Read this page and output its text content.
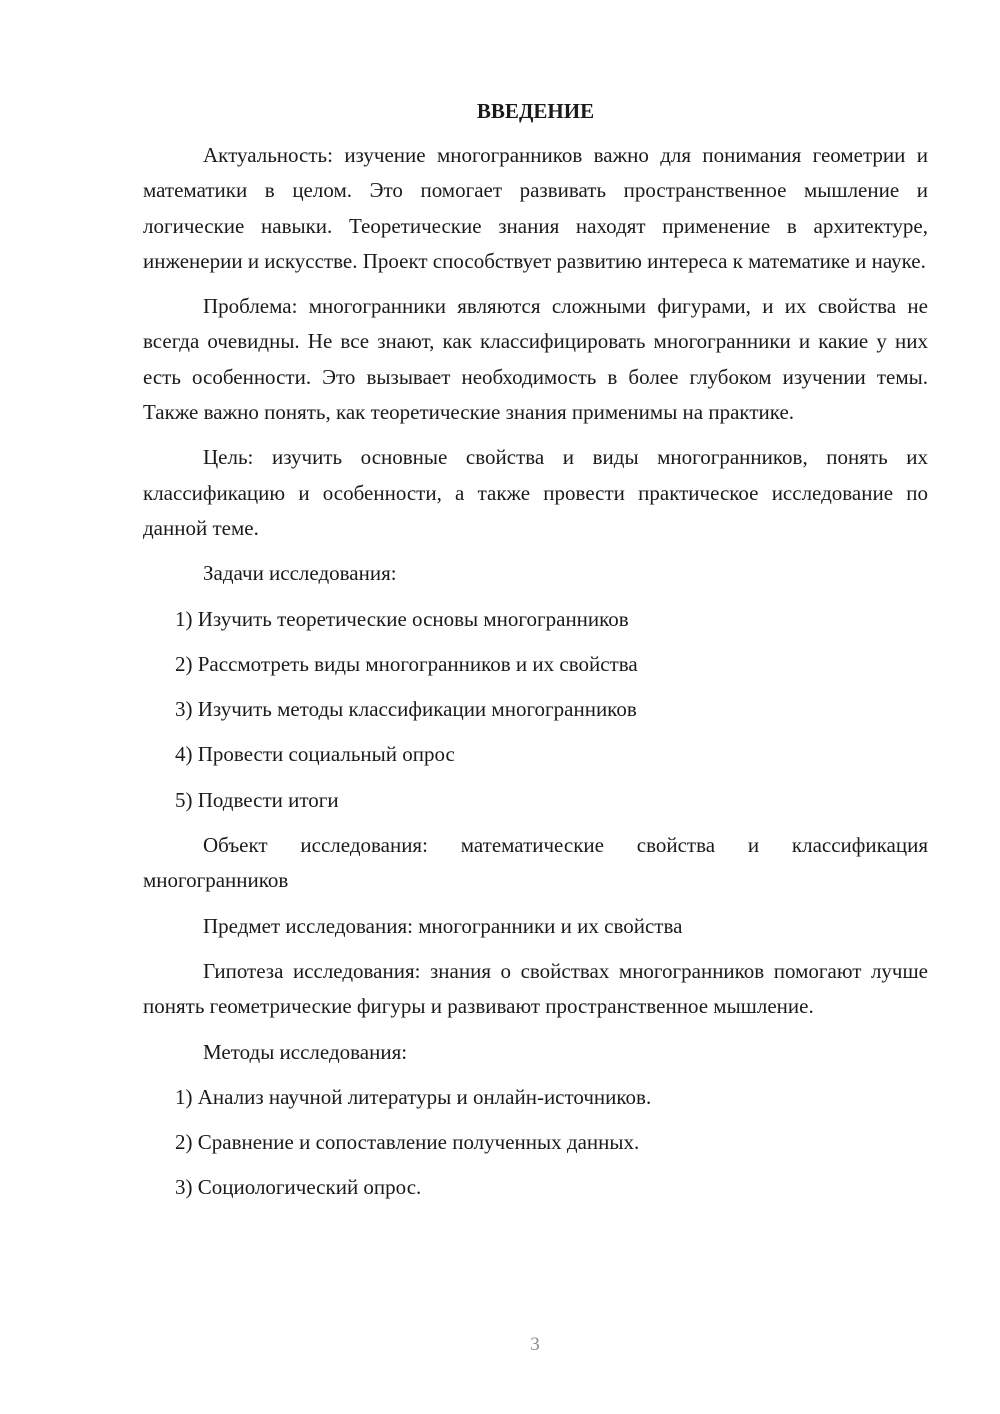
ВВЕДЕНИЕ

Актуальность: изучение многогранников важно для понимания геометрии и математики в целом. Это помогает развивать пространственное мышление и логические навыки. Теоретические знания находят применение в архитектуре, инженерии и искусстве. Проект способствует развитию интереса к математике и науке.

Проблема: многогранники являются сложными фигурами, и их свойства не всегда очевидны. Не все знают, как классифицировать многогранники и какие у них есть особенности. Это вызывает необходимость в более глубоком изучении темы. Также важно понять, как теоретические знания применимы на практике.

Цель: изучить основные свойства и виды многогранников, понять их классификацию и особенности, а также провести практическое исследование по данной теме.

Задачи исследования:

1) Изучить теоретические основы многогранников
2) Рассмотреть виды многогранников и их свойства
3) Изучить методы классификации многогранников
4) Провести социальный опрос
5) Подвести итоги

Объект исследования: математические свойства и классификация многогранников

Предмет исследования: многогранники и их свойства

Гипотеза исследования: знания о свойствах многогранников помогают лучше понять геометрические фигуры и развивают пространственное мышление.

Методы исследования:

1) Анализ научной литературы и онлайн-источников.
2) Сравнение и сопоставление полученных данных.
3) Социологический опрос.
3
